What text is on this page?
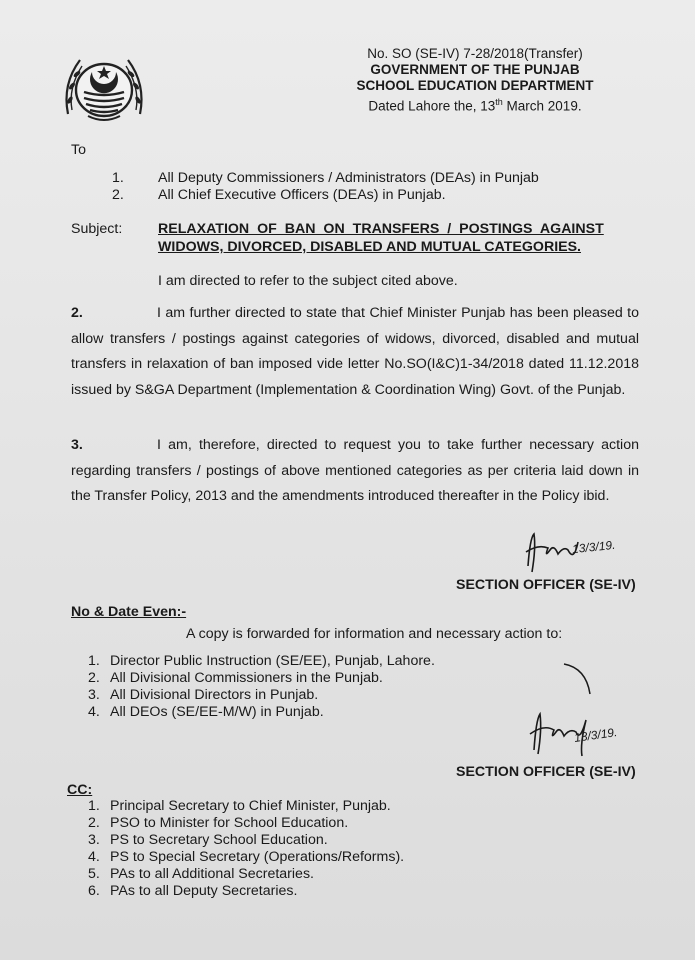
No. SO (SE-IV) 7-28/2018(Transfer)
GOVERNMENT OF THE PUNJAB
SCHOOL EDUCATION DEPARTMENT
Dated Lahore the, 13th March 2019.
To
1. All Deputy Commissioners / Administrators (DEAs) in Punjab
2. All Chief Executive Officers (DEAs) in Punjab.
Subject:	RELAXATION OF BAN ON TRANSFERS / POSTINGS AGAINST
WIDOWS, DIVORCED, DISABLED AND MUTUAL CATEGORIES.
I am directed to refer to the subject cited above.

2.	I am further directed to state that Chief Minister Punjab has been pleased to allow transfers / postings against categories of widows, divorced, disabled and mutual transfers in relaxation of ban imposed vide letter No.SO(I&C)1-34/2018 dated 11.12.2018 issued by S&GA Department (Implementation & Coordination Wing) Govt. of the Punjab.

3.	I am, therefore, directed to request you to take further necessary action regarding transfers / postings of above mentioned categories as per criteria laid down in the Transfer Policy, 2013 and the amendments introduced thereafter in the Policy ibid.

13/3/19.
SECTION OFFICER (SE-IV)
No & Date Even:-
A copy is forwarded for information and necessary action to:
1. Director Public Instruction (SE/EE), Punjab, Lahore.
2. All Divisional Commissioners in the Punjab.
3. All Divisional Directors in Punjab.
4. All DEOs (SE/EE-M/W) in Punjab.
13/3/19.
SECTION OFFICER (SE-IV)
CC:
1. Principal Secretary to Chief Minister, Punjab.
2. PSO to Minister for School Education.
3. PS to Secretary School Education.
4. PS to Special Secretary (Operations/Reforms).
5. PAs to all Additional Secretaries.
6. PAs to all Deputy Secretaries.
